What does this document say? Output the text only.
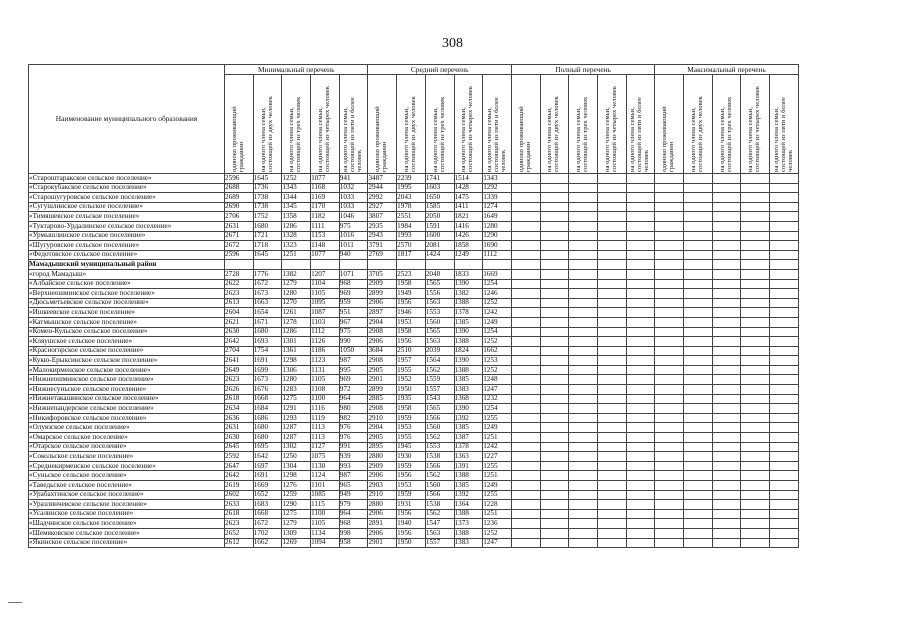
308
Наименование муниципального образования	Минимальный перечень					Средний перечень					Полный перечень					Максимальный перечень				

	одиноко проживающий гражданин	на одного члена семьи, состоящей из двух человек	на одного члена семьи, состоящей из трех человек	на одного члена семьи, состоящей из четырех человек	на одного члена семьи, состоящей из пяти и более человек	одиноко проживающий гражданин	на одного члена семьи, состоящей из двух человек	на одного члена семьи, состоящей из трех человек	на одного члена семьи, состоящей из четырех человек	на одного члена семьи, состоящей из пяти и более человек	одиноко проживающий гражданин	на одного члена семьи, состоящей из двух человек	на одного члена семьи, состоящей из трех человек	на одного члена семьи, состоящей из четырех человек	на одного члена семьи, состоящей из пяти и более человек	одиноко проживающий гражданин	на одного члена семьи, состоящей из двух человек	на одного члена семьи, состоящей из трех человек	на одного члена семьи, состоящей из четырех человек	на одного члена семьи, состоящей из пяти и более человек

«Староштаракское сельское поселение»	2596	1645	1252	1077	941	3487	2239	1741	1514	1343										
«Старокубакское сельское поселение»	2688	1736	1343	1168	1032	2944	1995	1603	1428	1292										
«Старошугуровское сельское поселение»	2689	1738	1344	1169	1033	2992	2043	1650	1475	1339										
«Сугушлинское сельское поселение»	2690	1738	1345	1170	1033	2927	1978	1585	1411	1274										
«Тимяшевское сельское поселение»	2706	1752	1358	1182	1046	3807	2551	2050	1821	1649										
«Туктарово-Урдалинское сельское поселение»	2631	1680	1286	1111	975	2935	1984	1591	1416	1280										
«Урмышлинское сельское поселение»	2671	1721	1328	1153	1016	2943	1993	1600	1426	1290										
«Шугуровское сельское поселение»	2672	1718	1323	1148	1011	3791	2570	2081	1858	1690										
«Федотовское сельское поселение»	2596	1645	1251	1077	940	2769	1817	1424	1249	1112										
Мамадышский муниципальный район																				
«город Мамадыш»	2728	1776	1382	1207	1071	3705	2523	2048	1833	1669										
«Албайское сельское поселение»	2622	1672	1279	1104	968	2909	1958	1565	1390	1254										
«Верхнеошминское сельское поселение»	2623	1673	1280	1105	969	2899	1949	1556	1382	1246										
«Дюсьметьевское сельское поселение»	2613	1663	1270	1095	959	2906	1956	1563	1388	1252										
«Ишкеевское сельское поселение»	2604	1654	1261	1087	951	2897	1946	1553	1378	1242										
«Катмышское сельское поселение»	2621	1671	1278	1103	967	2904	1953	1560	1385	1249										
«Комен-Кульское сельское поселение»	2630	1680	1286	1112	975	2908	1958	1565	1390	1254										
«Кляушское сельское поселение»	2642	1693	1301	1126	990	2906	1956	1563	1388	1252										
«Красногорское сельское поселение»	2704	1754	1361	1186	1050	3684	2510	2039	1824	1662										
«Кукю-Ерыксинское сельское поселение»	2641	1691	1298	1123	987	2908	1957	1564	1390	1253										
«Малокирменское сельское поселение»	2649	1699	1306	1131	995	2905	1955	1562	1388	1252										
«Нижнеошминское сельское поселение»	2623	1673	1280	1105	969	2901	1952	1559	1385	1248										
«Нижнесуньское сельское поселение»	2626	1676	1283	1108	972	2899	1950	1557	1383	1247										
«Нижнетакашинское сельское поселение»	2618	1668	1275	1100	964	2885	1935	1543	1368	1232										
«Нижнепандерское сельское поселение»	2634	1684	1291	1116	980	2908	1958	1565	1390	1254										
«Никифоровское сельское поселение»	2636	1686	1293	1119	982	2910	1959	1566	1392	1255										
«Олуязское сельское поселение»	2631	1680	1287	1113	976	2904	1953	1560	1385	1249										
«Омарское сельское поселение»	2630	1680	1287	1113	976	2905	1955	1562	1387	1251										
«Отарское сельское поселение»	2645	1695	1302	1127	991	2895	1945	1553	1378	1242										
«Сокольское сельское поселение»	2592	1642	1250	1075	939	2880	1930	1538	1363	1227										
«Среднекирменское сельское поселение»	2647	1697	1304	1130	993	2909	1959	1566	1391	1255										
«Суньское сельское поселение»	2642	1691	1298	1124	987	2906	1956	1562	1388	1251										
«Таведьское сельское поселение»	2619	1669	1276	1101	965	2903	1953	1560	1385	1249										
«Урабахтинское сельское поселение»	2602	1652	1259	1085	949	2910	1959	1566	1392	1255										
«Уразлинчевское сельское поселение»	2633	1683	1290	1115	979	2880	1931	1538	1364	1228										
«Усалинское сельское поселение»	2618	1668	1275	1100	964	2906	1956	1562	1388	1251										
«Шадчинское сельское поселение»	2623	1672	1279	1105	968	2891	1940	1547	1373	1236										
«Шемяковское сельское поселение»	2652	1702	1309	1134	998	2906	1956	1563	1388	1252										
«Якинское сельское поселение»	2612	1662	1269	1094	958	2901	1950	1557	1383	1247										
